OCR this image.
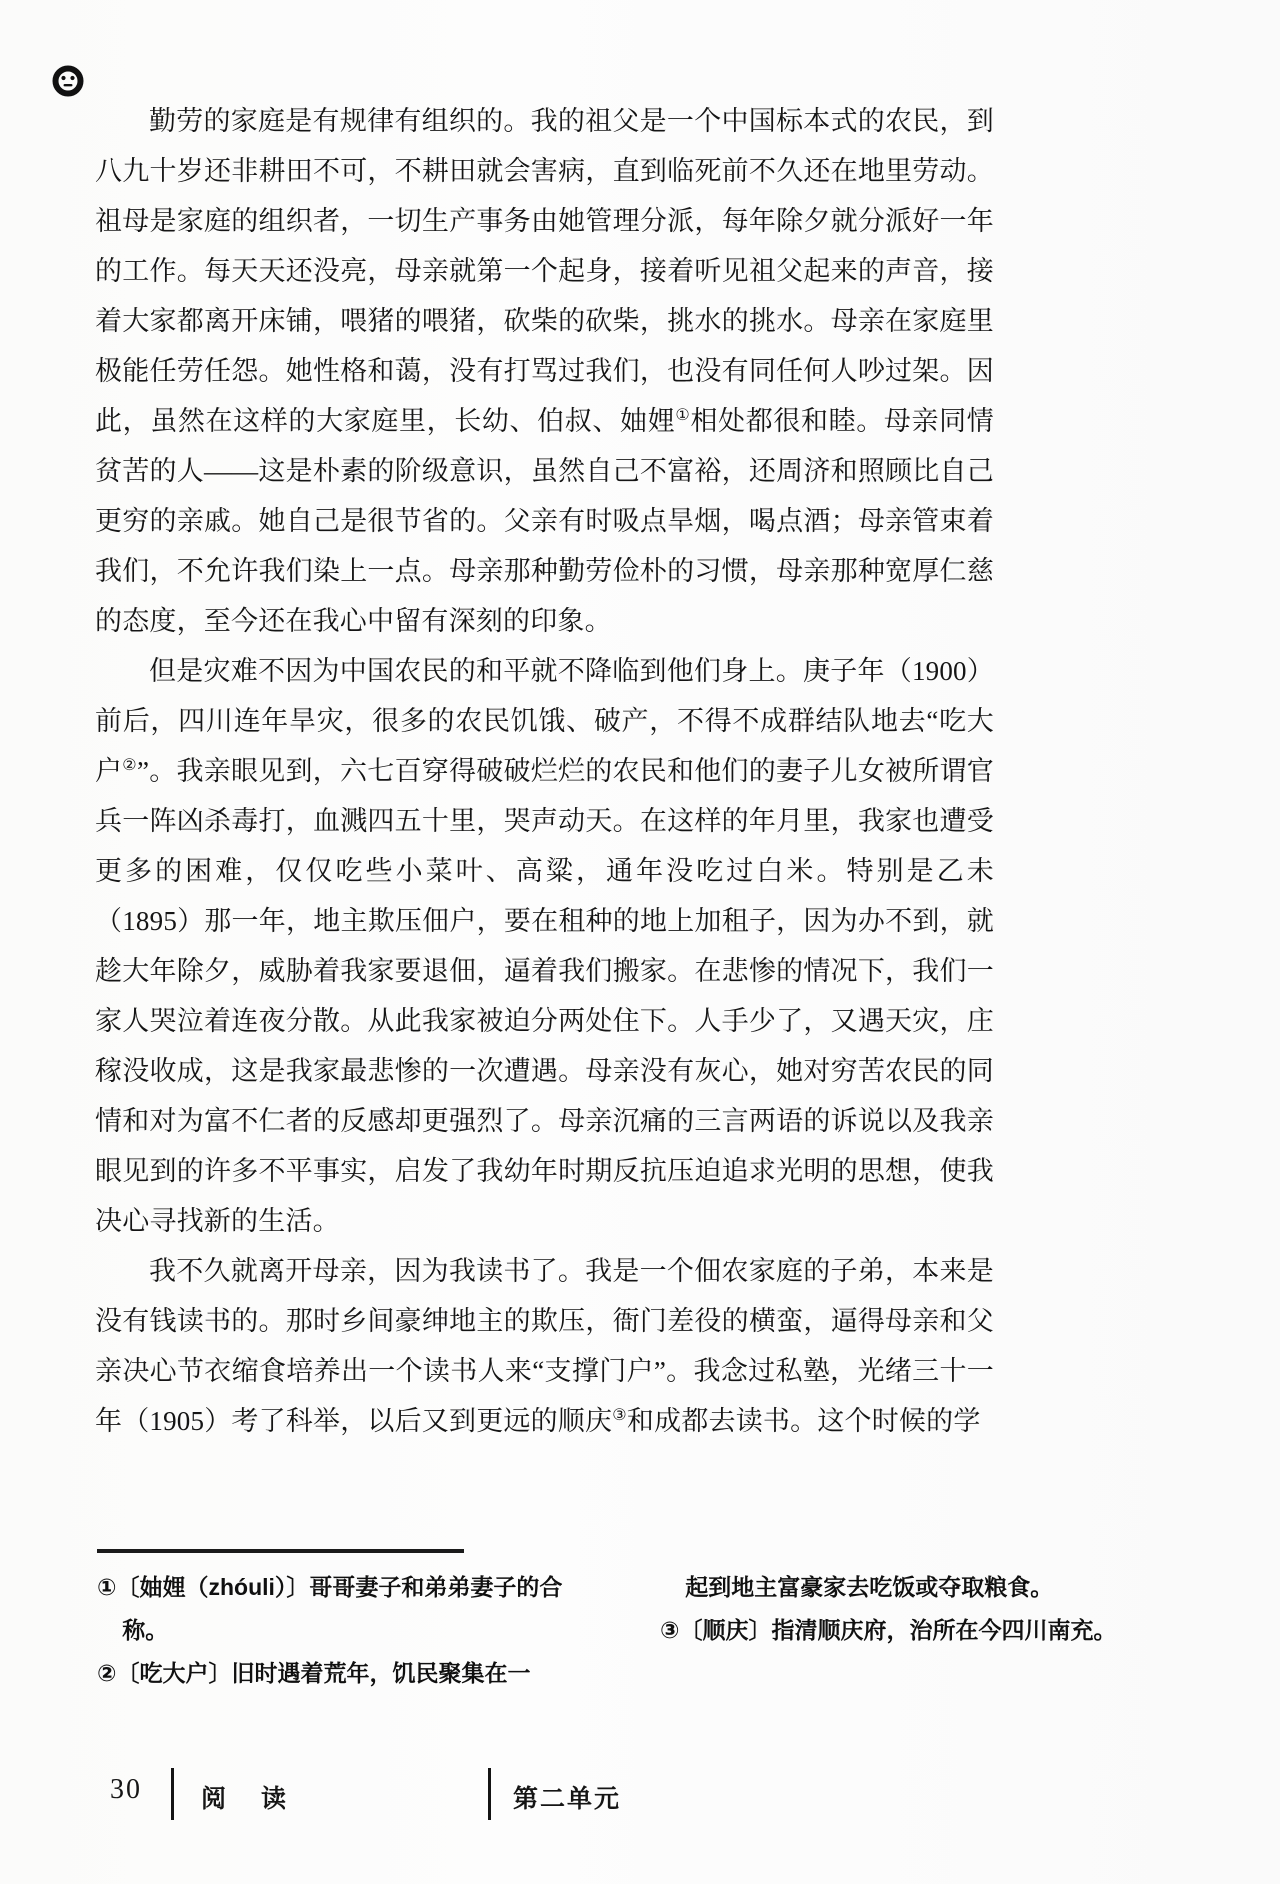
勤劳的家庭是有规律有组织的。我的祖父是一个中国标本式的农民，到八九十岁还非耕田不可，不耕田就会害病，直到临死前不久还在地里劳动。祖母是家庭的组织者，一切生产事务由她管理分派，每年除夕就分派好一年的工作。每天天还没亮，母亲就第一个起身，接着听见祖父起来的声音，接着大家都离开床铺，喂猪的喂猪，砍柴的砍柴，挑水的挑水。母亲在家庭里极能任劳任怨。她性格和蔼，没有打骂过我们，也没有同任何人吵过架。因此，虽然在这样的大家庭里，长幼、伯叔、妯娌①相处都很和睦。母亲同情贫苦的人——这是朴素的阶级意识，虽然自己不富裕，还周济和照顾比自己更穷的亲戚。她自己是很节省的。父亲有时吸点旱烟，喝点酒；母亲管束着我们，不允许我们染上一点。母亲那种勤劳俭朴的习惯，母亲那种宽厚仁慈的态度，至今还在我心中留有深刻的印象。

但是灾难不因为中国农民的和平就不降临到他们身上。庚子年（1900）前后，四川连年旱灾，很多的农民饥饿、破产，不得不成群结队地去“吃大户②”。我亲眼见到，六七百穿得破破烂烂的农民和他们的妻子儿女被所谓官兵一阵凶杀毒打，血溅四五十里，哭声动天。在这样的年月里，我家也遭受更多的困难，仅仅吃些小菜叶、高粱，通年没吃过白米。特别是乙未（1895）那一年，地主欺压佃户，要在租种的地上加租子，因为办不到，就趁大年除夕，威胁着我家要退佃，逼着我们搬家。在悲惨的情况下，我们一家人哭泣着连夜分散。从此我家被迫分两处住下。人手少了，又遇天灾，庄稼没收成，这是我家最悲惨的一次遭遇。母亲没有灰心，她对穷苦农民的同情和对为富不仁者的反感却更强烈了。母亲沉痛的三言两语的诉说以及我亲眼见到的许多不平事实，启发了我幼年时期反抗压迫追求光明的思想，使我决心寻找新的生活。

我不久就离开母亲，因为我读书了。我是一个佃农家庭的子弟，本来是没有钱读书的。那时乡间豪绅地主的欺压，衙门差役的横蛮，逼得母亲和父亲决心节衣缩食培养出一个读书人来“支撑门户”。我念过私塾，光绪三十一年（1905）考了科举，以后又到更远的顺庆③和成都去读书。这个时候的学

①〔妯娌（zhóuli）〕哥哥妻子和弟弟妻子的合称。
②〔吃大户〕旧时遇着荒年，饥民聚集在一
起到地主富豪家去吃饭或夺取粮食。
③〔顺庆〕指清顺庆府，治所在今四川南充。
30 阅 读	第二单元
